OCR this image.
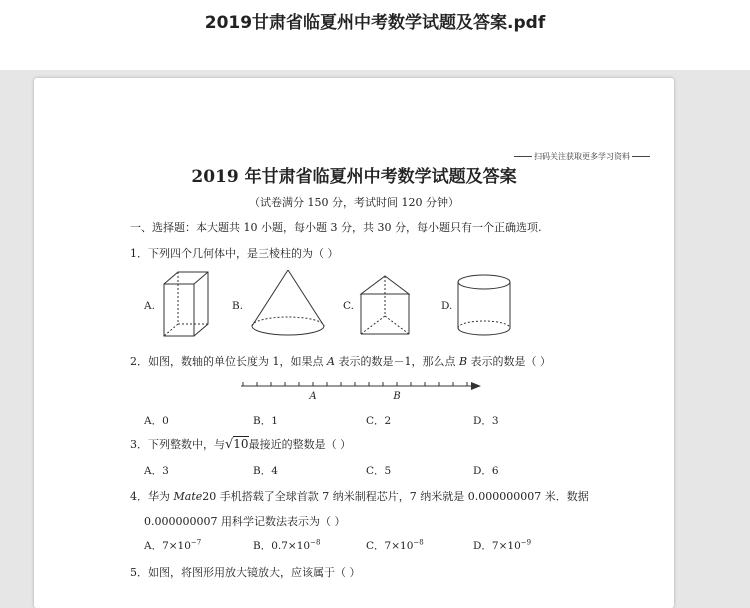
2019甘肃省临夏州中考数学试题及答案.pdf
扫码关注获取更多学习资料
2019 年甘肃省临夏州中考数学试题及答案
（试卷满分 150 分，考试时间 120 分钟）
一、选择题：本大题共 10 小题，每小题 3 分，共 30 分，每小题只有一个正确选项.
1．下列四个几何体中，是三棱柱的为（ ）
A.	B.	C.	D.
2．如图，数轴的单位长度为 1，如果点 A 表示的数是－1，那么点 B 表示的数是（ ）
A	B
A．0	B．1	C．2	D．3
3．下列整数中，与√10最接近的整数是（ ）
A．3	B．4	C．5	D．6
4．华为 Mate20 手机搭载了全球首款 7 纳米制程芯片，7 纳米就是 0.000000007 米．数据
0.000000007 用科学记数法表示为（ ）
A．$7\times 10^{-7}$	B．$0.7\times 10^{-8}$	C．$7\times 10^{-8}$	D．$7\times 10^{-9}$
5．如图，将图形用放大镜放大，应该属于（ ）
